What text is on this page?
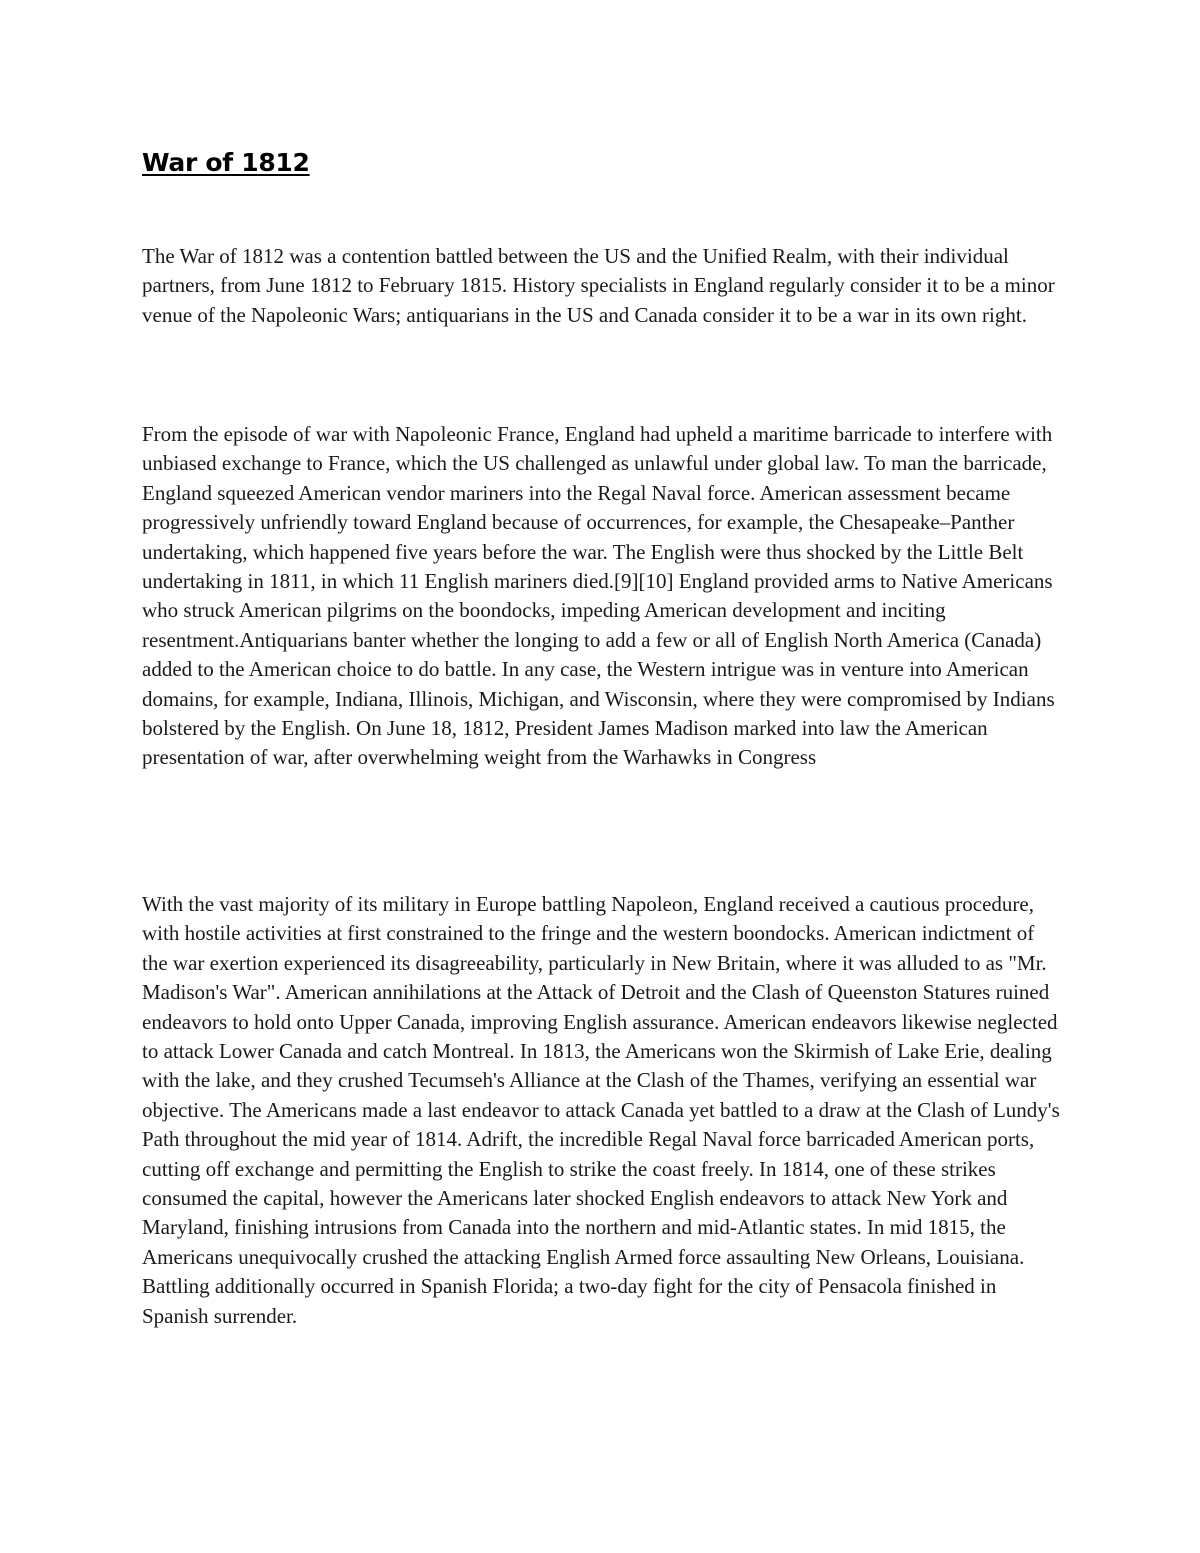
War of 1812

The War of 1812 was a contention battled between the US and the Unified Realm, with their individual partners, from June 1812 to February 1815. History specialists in England regularly consider it to be a minor venue of the Napoleonic Wars; antiquarians in the US and Canada consider it to be a war in its own right.

From the episode of war with Napoleonic France, England had upheld a maritime barricade to interfere with unbiased exchange to France, which the US challenged as unlawful under global law. To man the barricade, England squeezed American vendor mariners into the Regal Naval force. American assessment became progressively unfriendly toward England because of occurrences, for example, the Chesapeake–Panther undertaking, which happened five years before the war. The English were thus shocked by the Little Belt undertaking in 1811, in which 11 English mariners died.[9][10] England provided arms to Native Americans who struck American pilgrims on the boondocks, impeding American development and inciting resentment.Antiquarians banter whether the longing to add a few or all of English North America (Canada) added to the American choice to do battle. In any case, the Western intrigue was in venture into American domains, for example, Indiana, Illinois, Michigan, and Wisconsin, where they were compromised by Indians bolstered by the English. On June 18, 1812, President James Madison marked into law the American presentation of war, after overwhelming weight from the Warhawks in Congress

With the vast majority of its military in Europe battling Napoleon, England received a cautious procedure, with hostile activities at first constrained to the fringe and the western boondocks. American indictment of the war exertion experienced its disagreeability, particularly in New Britain, where it was alluded to as "Mr. Madison's War". American annihilations at the Attack of Detroit and the Clash of Queenston Statures ruined endeavors to hold onto Upper Canada, improving English assurance. American endeavors likewise neglected to attack Lower Canada and catch Montreal. In 1813, the Americans won the Skirmish of Lake Erie, dealing with the lake, and they crushed Tecumseh's Alliance at the Clash of the Thames, verifying an essential war objective. The Americans made a last endeavor to attack Canada yet battled to a draw at the Clash of Lundy's Path throughout the mid year of 1814. Adrift, the incredible Regal Naval force barricaded American ports, cutting off exchange and permitting the English to strike the coast freely. In 1814, one of these strikes consumed the capital, however the Americans later shocked English endeavors to attack New York and Maryland, finishing intrusions from Canada into the northern and mid-Atlantic states. In mid 1815, the Americans unequivocally crushed the attacking English Armed force assaulting New Orleans, Louisiana. Battling additionally occurred in Spanish Florida; a two-day fight for the city of Pensacola finished in Spanish surrender.
